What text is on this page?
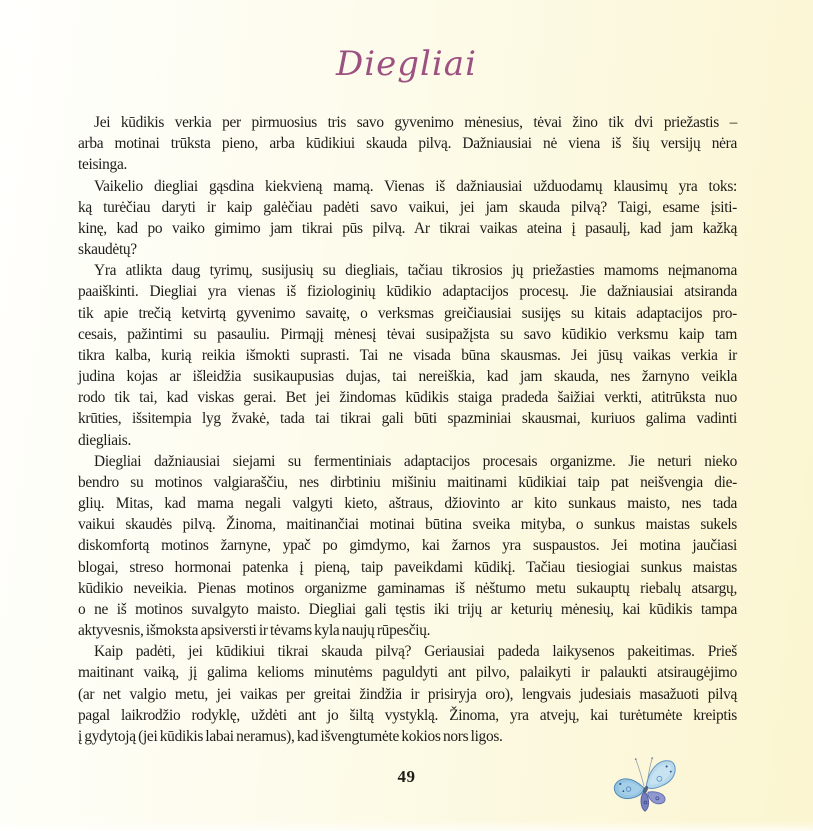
Diegliai

Jei kūdikis verkia per pirmuosius tris savo gyvenimo mėnesius, tėvai žino tik dvi priežastis –
arba motinai trūksta pieno, arba kūdikiui skauda pilvą. Dažniausiai nė viena iš šių versijų nėra
teisinga.

Vaikelio diegliai gąsdina kiekvieną mamą. Vienas iš dažniausiai užduodamų klausimų yra toks:
ką turėčiau daryti ir kaip galėčiau padėti savo vaikui, jei jam skauda pilvą? Taigi, esame įsiti-
kinę, kad po vaiko gimimo jam tikrai pūs pilvą. Ar tikrai vaikas ateina į pasaulį, kad jam kažką
skaudėtų?

Yra atlikta daug tyrimų, susijusių su diegliais, tačiau tikrosios jų priežasties mamoms neįmanoma
paaiškinti. Diegliai yra vienas iš fiziologinių kūdikio adaptacijos procesų. Jie dažniausiai atsiranda
tik apie trečią ketvirtą gyvenimo savaitę, o verksmas greičiausiai susijęs su kitais adaptacijos pro-
cesais, pažintimi su pasauliu. Pirmąjį mėnesį tėvai susipažįsta su savo kūdikio verksmu kaip tam
tikra kalba, kurią reikia išmokti suprasti. Tai ne visada būna skausmas. Jei jūsų vaikas verkia ir
judina kojas ar išleidžia susikaupusias dujas, tai nereiškia, kad jam skauda, nes žarnyno veikla
rodo tik tai, kad viskas gerai. Bet jei žindomas kūdikis staiga pradeda šaižiai verkti, atitrūksta nuo
krūties, išsitempia lyg žvakė, tada tai tikrai gali būti spazminiai skausmai, kuriuos galima vadinti
diegliais.

Diegliai dažniausiai siejami su fermentiniais adaptacijos procesais organizme. Jie neturi nieko
bendro su motinos valgiaraščiu, nes dirbtiniu mišiniu maitinami kūdikiai taip pat neišvengia die-
glių. Mitas, kad mama negali valgyti kieto, aštraus, džiovinto ar kito sunkaus maisto, nes tada
vaikui skaudės pilvą. Žinoma, maitinančiai motinai būtina sveika mityba, o sunkus maistas sukels
diskomfortą motinos žarnyne, ypač po gimdymo, kai žarnos yra suspaustos. Jei motina jaučiasi
blogai, streso hormonai patenka į pieną, taip paveikdami kūdikį. Tačiau tiesiogiai sunkus maistas
kūdikio neveikia. Pienas motinos organizme gaminamas iš nėštumo metu sukauptų riebalų atsargų,
o ne iš motinos suvalgyto maisto. Diegliai gali tęstis iki trijų ar keturių mėnesių, kai kūdikis tampa
aktyvesnis, išmoksta apsiversti ir tėvams kyla naujų rūpesčių.

Kaip padėti, jei kūdikiui tikrai skauda pilvą? Geriausiai padeda laikysenos pakeitimas. Prieš
maitinant vaiką, jį galima kelioms minutėms paguldyti ant pilvo, palaikyti ir palaukti atsiraugėjimo
(ar net valgio metu, jei vaikas per greitai žindžia ir prisiryja oro), lengvais judesiais masažuoti pilvą
pagal laikrodžio rodyklę, uždėti ant jo šiltą vystyklą. Žinoma, yra atvejų, kai turėtumėte kreiptis
į gydytoją (jei kūdikis labai neramus), kad išvengtumėte kokios nors ligos.

49
